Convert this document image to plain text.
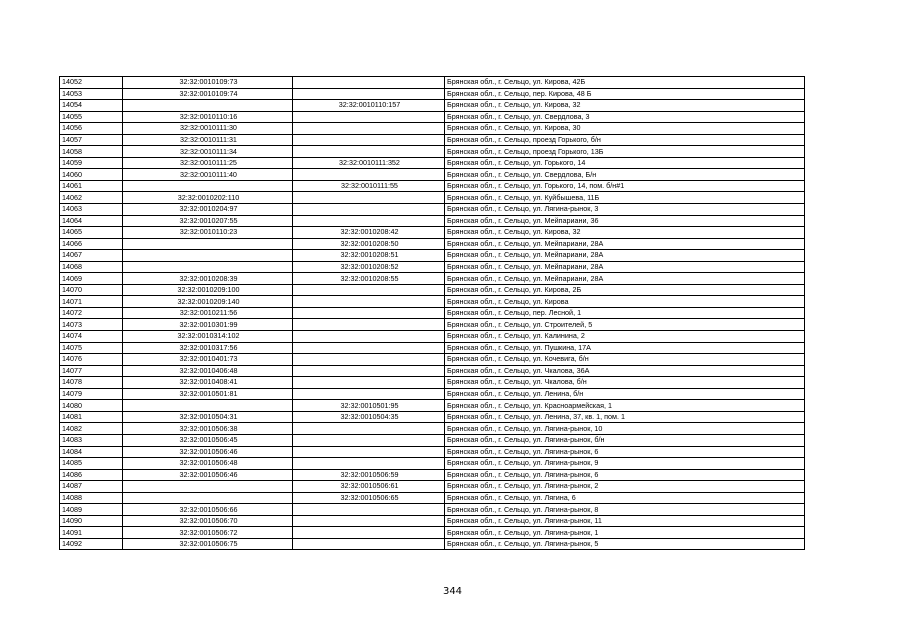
14052	32:32:0010109:73		Брянская обл., г. Сельцо, ул. Кирова, 42Б
14053	32:32:0010109:74		Брянская обл., г. Сельцо, пер. Кирова, 48 Б
14054		32:32:0010110:157	Брянская обл., г. Сельцо, ул. Кирова, 32
14055	32:32:0010110:16		Брянская обл., г. Сельцо, ул. Свердлова, 3
14056	32:32:0010111:30		Брянская обл., г. Сельцо, ул. Кирова, 30
14057	32:32:0010111:31		Брянская обл., г. Сельцо, проезд Горького, б/н
14058	32:32:0010111:34		Брянская обл., г. Сельцо, проезд Горького, 13Б
14059	32:32:0010111:25	32:32:0010111:352	Брянская обл., г. Сельцо, ул. Горького, 14
14060	32:32:0010111:40		Брянская обл., г. Сельцо, ул. Свердлова, Б/н
14061		32:32:0010111:55	Брянская обл., г. Сельцо, ул. Горького, 14, пом. б/н#1
14062	32:32:0010202:110		Брянская обл., г. Сельцо, ул. Куйбышева, 11Б
14063	32:32:0010204:97		Брянская обл., г. Сельцо, ул. Лягина-рынок, 3
14064	32:32:0010207:55		Брянская обл., г. Сельцо, ул. Мейпариани, 36
14065	32:32:0010110:23	32:32:0010208:42	Брянская обл., г. Сельцо, ул. Кирова, 32
14066		32:32:0010208:50	Брянская обл., г. Сельцо, ул. Мейпариани, 28А
14067		32:32:0010208:51	Брянская обл., г. Сельцо, ул. Мейпариани, 28А
14068		32:32:0010208:52	Брянская обл., г. Сельцо, ул. Мейпариани, 28А
14069	32:32:0010208:39	32:32:0010208:55	Брянская обл., г. Сельцо, ул. Мейпариани, 28А
14070	32:32:0010209:100		Брянская обл., г. Сельцо, ул. Кирова, 2Б
14071	32:32:0010209:140		Брянская обл., г. Сельцо, ул. Кирова
14072	32:32:0010211:56		Брянская обл., г. Сельцо, пер. Лесной, 1
14073	32:32:0010301:99		Брянская обл., г. Сельцо, ул. Строителей, 5
14074	32:32:0010314:102		Брянская обл., г. Сельцо, ул. Калинина, 2
14075	32:32:0010317:56		Брянская обл., г. Сельцо, ул. Пушкина, 17А
14076	32:32:0010401:73		Брянская обл., г. Сельцо, ул. Кочевига, б/н
14077	32:32:0010406:48		Брянская обл., г. Сельцо, ул. Чкалова, 36А
14078	32:32:0010408:41		Брянская обл., г. Сельцо, ул. Чкалова, б/н
14079	32:32:0010501:81		Брянская обл., г. Сельцо, ул. Ленина, б/н
14080		32:32:0010501:95	Брянская обл., г. Сельцо, ул. Красноармейская, 1
14081	32:32:0010504:31	32:32:0010504:35	Брянская обл., г. Сельцо, ул. Ленина, 37, кв. 1, пом. 1
14082	32:32:0010506:38		Брянская обл., г. Сельцо, ул. Лягина-рынок, 10
14083	32:32:0010506:45		Брянская обл., г. Сельцо, ул. Лягина-рынок, б/н
14084	32:32:0010506:46		Брянская обл., г. Сельцо, ул. Лягина-рынок, 6
14085	32:32:0010506:48		Брянская обл., г. Сельцо, ул. Лягина-рынок, 9
14086	32:32:0010506:46	32:32:0010506:59	Брянская обл., г. Сельцо, ул. Лягина-рынок, 6
14087		32:32:0010506:61	Брянская обл., г. Сельцо, ул. Лягина-рынок, 2
14088		32:32:0010506:65	Брянская обл., г. Сельцо, ул. Лягина, 6
14089	32:32:0010506:66		Брянская обл., г. Сельцо, ул. Лягина-рынок, 8
14090	32:32:0010506:70		Брянская обл., г. Сельцо, ул. Лягина-рынок, 11
14091	32:32:0010506:72		Брянская обл., г. Сельцо, ул. Лягина-рынок, 1
14092	32:32:0010506:75		Брянская обл., г. Сельцо, ул. Лягина-рынок, 5
344
